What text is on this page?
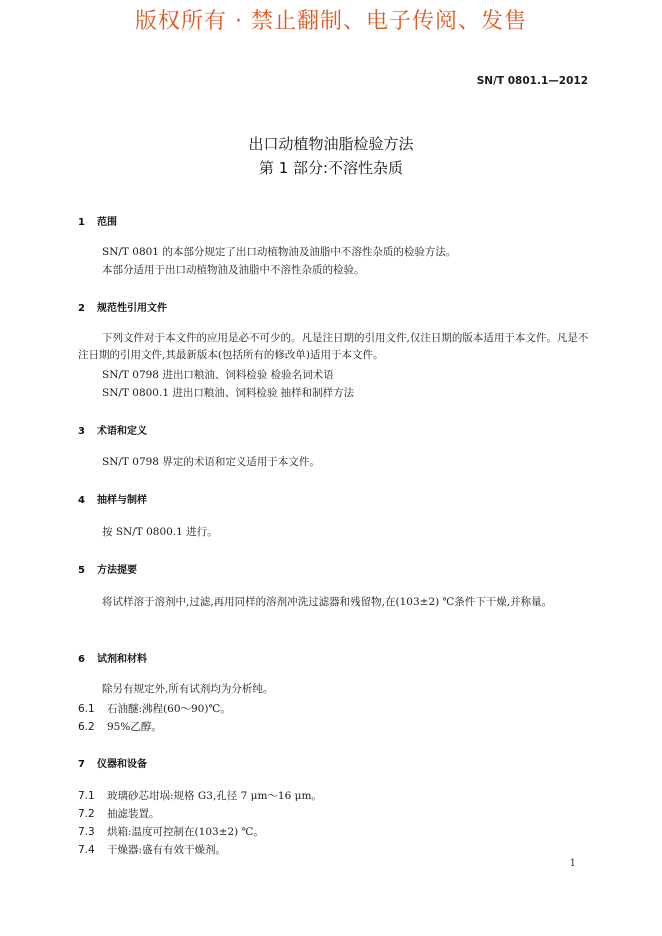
版权所有 · 禁止翻制、电子传阅、发售
SN/T 0801.1—2012
出口动植物油脂检验方法
第 1 部分:不溶性杂质
1 范围
SN/T 0801 的本部分规定了出口动植物油及油脂中不溶性杂质的检验方法。
本部分适用于出口动植物油及油脂中不溶性杂质的检验。
2 规范性引用文件
下列文件对于本文件的应用是必不可少的。凡是注日期的引用文件,仅注日期的版本适用于本文件。凡是不注日期的引用文件,其最新版本(包括所有的修改单)适用于本文件。
SN/T 0798 进出口粮油、饲料检验 检验名词术语
SN/T 0800.1 进出口粮油、饲料检验 抽样和制样方法
3 术语和定义
SN/T 0798 界定的术语和定义适用于本文件。
4 抽样与制样
按 SN/T 0800.1 进行。
5 方法提要
将试样溶于溶剂中,过滤,再用同样的溶剂冲洗过滤器和残留物,在(103±2) ℃条件下干燥,并称量。
6 试剂和材料
除另有规定外,所有试剂均为分析纯。
6.1 石油醚:沸程(60～90)℃。
6.2 95%乙醇。
7 仪器和设备
7.1 玻璃砂芯坩埚:规格 G3,孔径 7 μm～16 μm。
7.2 抽滤装置。
7.3 烘箱:温度可控制在(103±2) ℃。
7.4 干燥器:盛有有效干燥剂。
1
